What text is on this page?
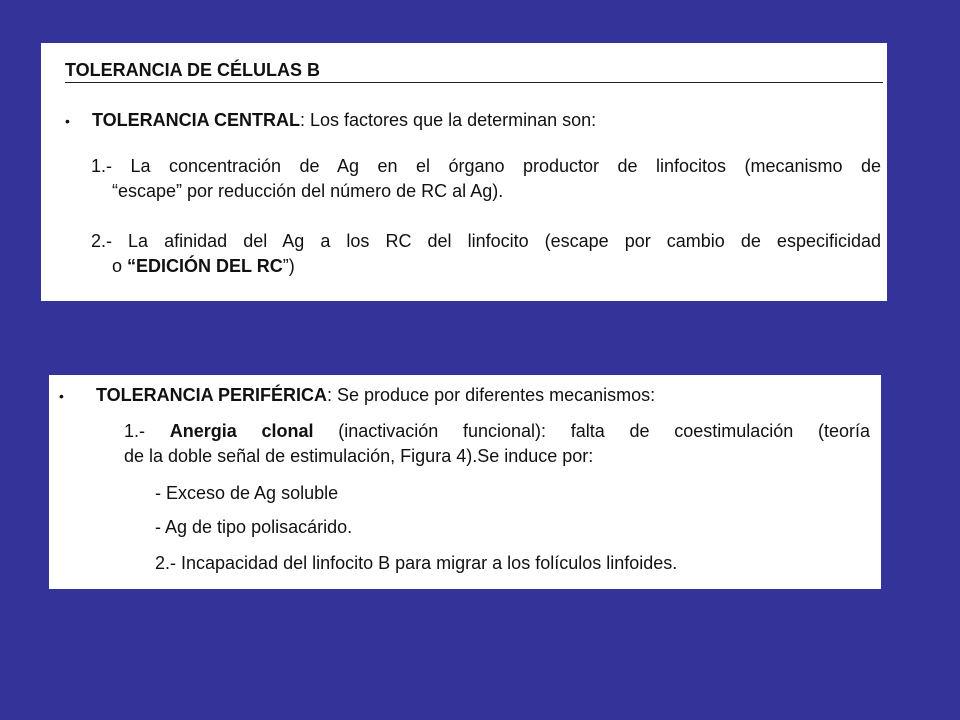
TOLERANCIA DE CÉLULAS B
• TOLERANCIA CENTRAL: Los factores que la determinan son:
1.- La concentración de Ag en el órgano productor de linfocitos (mecanismo de
“escape” por reducción del número de RC al Ag).
2.- La afinidad del Ag a los RC del linfocito (escape por cambio de especificidad
o “EDICIÓN DEL RC”)
• TOLERANCIA PERIFÉRICA: Se produce por diferentes mecanismos:
1.- Anergia clonal (inactivación funcional): falta de coestimulación (teoría
de la doble señal de estimulación, Figura 4).Se induce por:
- Exceso de Ag soluble
- Ag de tipo polisacárido.
2.- Incapacidad del linfocito B para migrar a los folículos linfoides.
